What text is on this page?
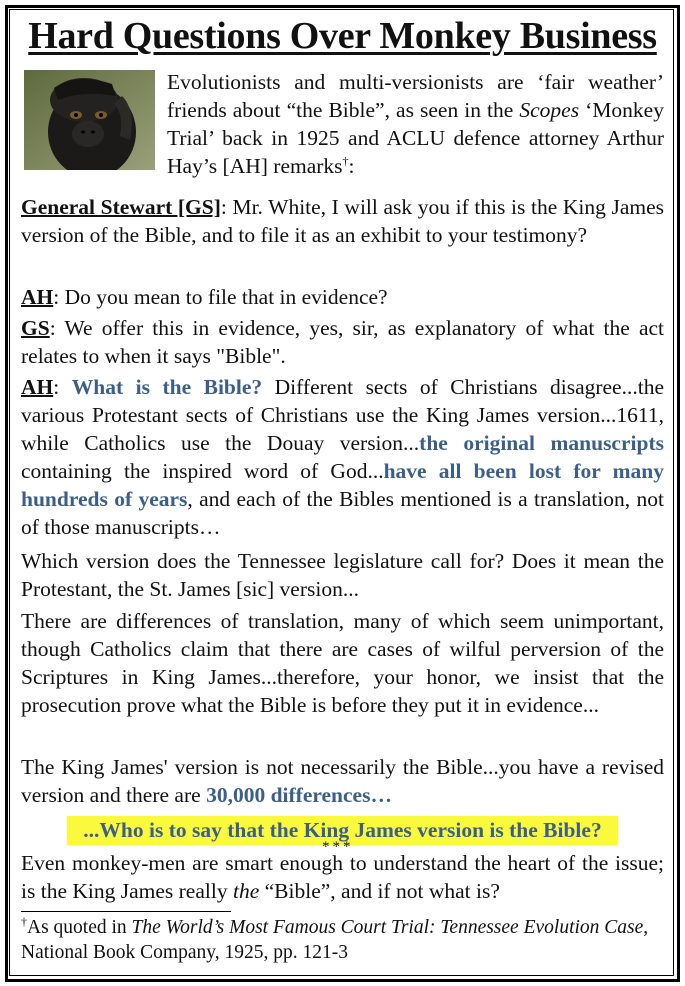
Hard Questions Over Monkey Business

Evolutionists and multi-versionists are ‘fair weather’ friends about “the Bible”, as seen in the Scopes ‘Monkey Trial’ back in 1925 and ACLU defence attorney Arthur Hay’s [AH] remarks†:

General Stewart [GS]: Mr. White, I will ask you if this is the King James version of the Bible, and to file it as an exhibit to your testimony?

AH: Do you mean to file that in evidence?

GS: We offer this in evidence, yes, sir, as explanatory of what the act relates to when it says "Bible".

AH: What is the Bible? Different sects of Christians disagree...the various Protestant sects of Christians use the King James version...1611, while Catholics use the Douay version...the original manuscripts containing the inspired word of God...have all been lost for many hundreds of years, and each of the Bibles mentioned is a translation, not of those manuscripts…

Which version does the Tennessee legislature call for? Does it mean the Protestant, the St. James [sic] version...

There are differences of translation, many of which seem unimportant, though Catholics claim that there are cases of wilful perversion of the Scriptures in King James...therefore, your honor, we insist that the prosecution prove what the Bible is before they put it in evidence...

The King James' version is not necessarily the Bible...you have a revised version and there are 30,000 differences…

...Who is to say that the King James version is the Bible?
***

Even monkey-men are smart enough to understand the heart of the issue; is the King James really the “Bible”, and if not what is?

†As quoted in The World’s Most Famous Court Trial: Tennessee Evolution Case, National Book Company, 1925, pp. 121-3
